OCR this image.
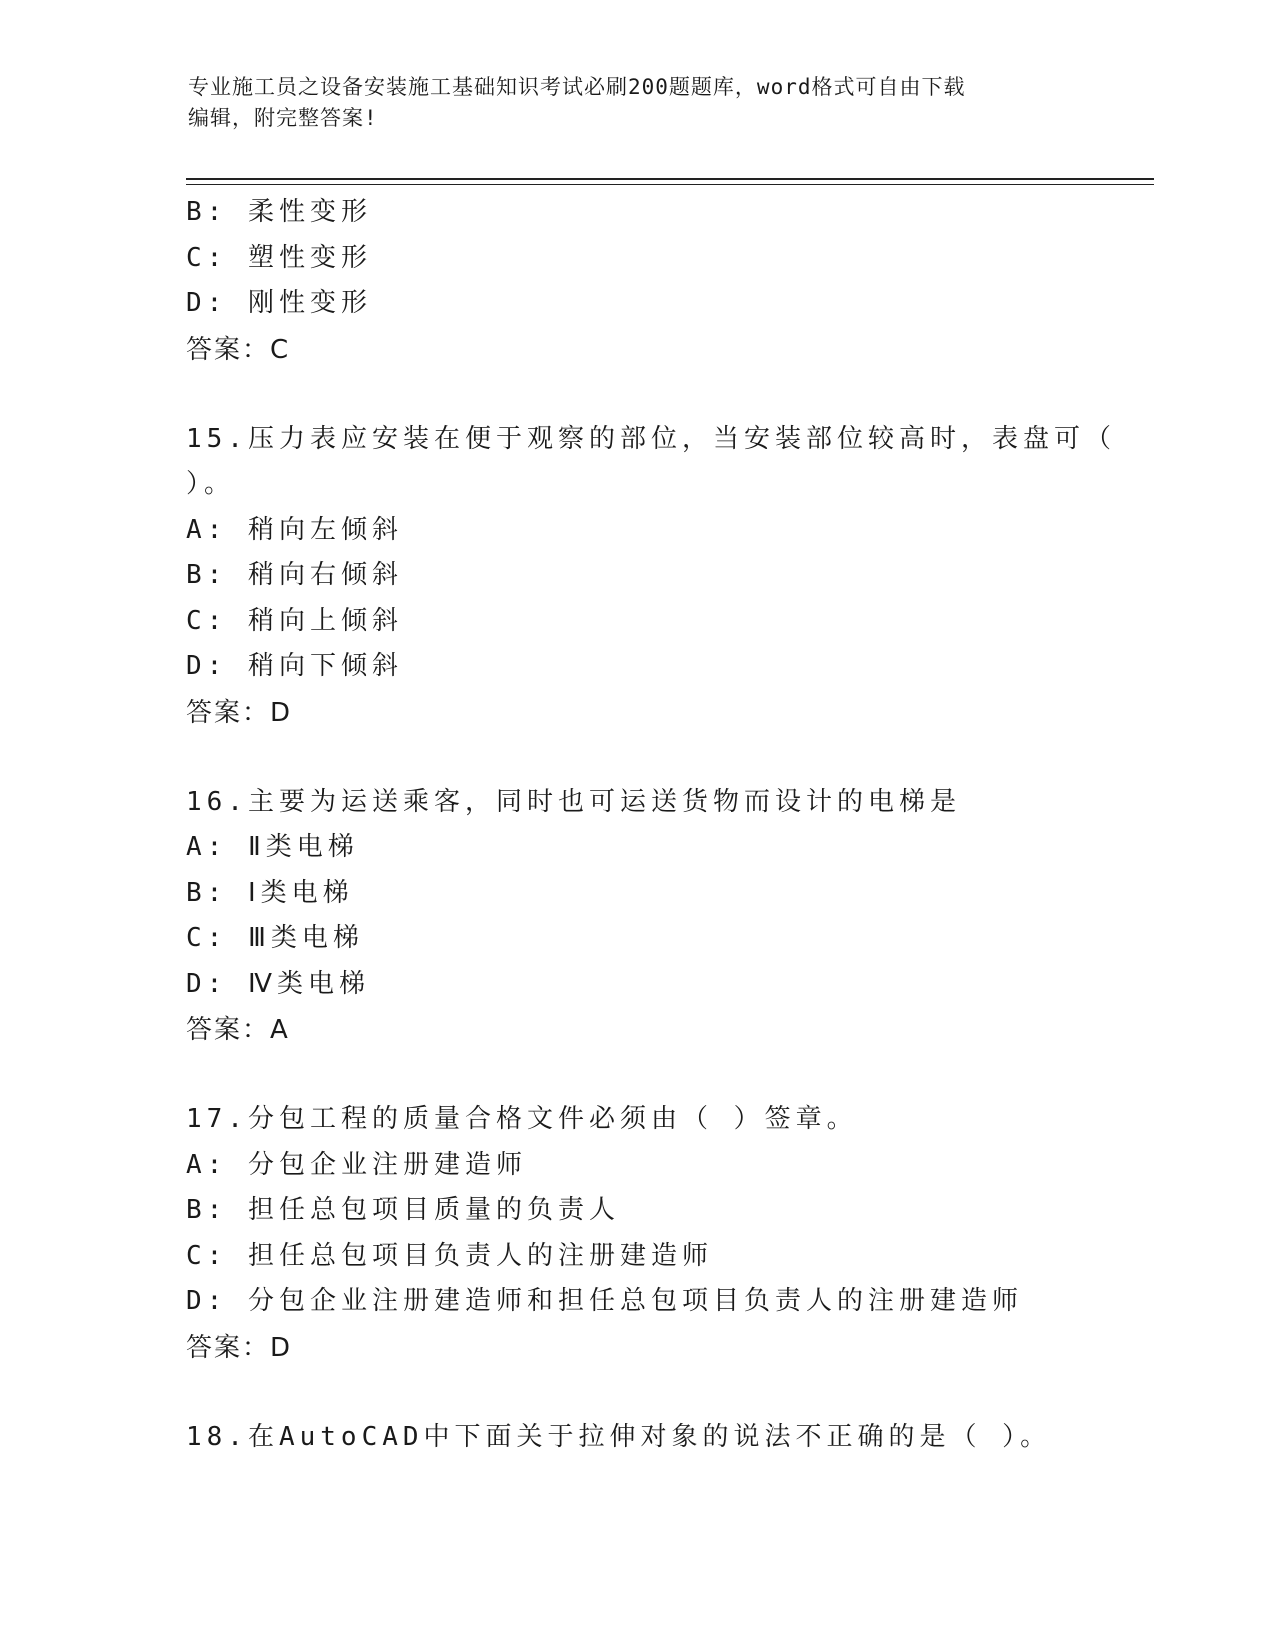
专业施工员之设备安装施工基础知识考试必刷200题题库，word格式可自由下载
编辑，附完整答案!
B: 柔性变形
C: 塑性变形
D: 刚性变形
答案：C
15.压力表应安装在便于观察的部位，当安装部位较高时，表盘可（
）。
A: 稍向左倾斜
B: 稍向右倾斜
C: 稍向上倾斜
D: 稍向下倾斜
答案：D
16.主要为运送乘客，同时也可运送货物而设计的电梯是
A: Ⅱ类电梯
B: Ⅰ类电梯
C: Ⅲ类电梯
D: Ⅳ类电梯
答案：A
17.分包工程的质量合格文件必须由（ ）签章。
A: 分包企业注册建造师
B: 担任总包项目质量的负责人
C: 担任总包项目负责人的注册建造师
D: 分包企业注册建造师和担任总包项目负责人的注册建造师
答案：D
18.在AutoCAD中下面关于拉伸对象的说法不正确的是（ ）。
